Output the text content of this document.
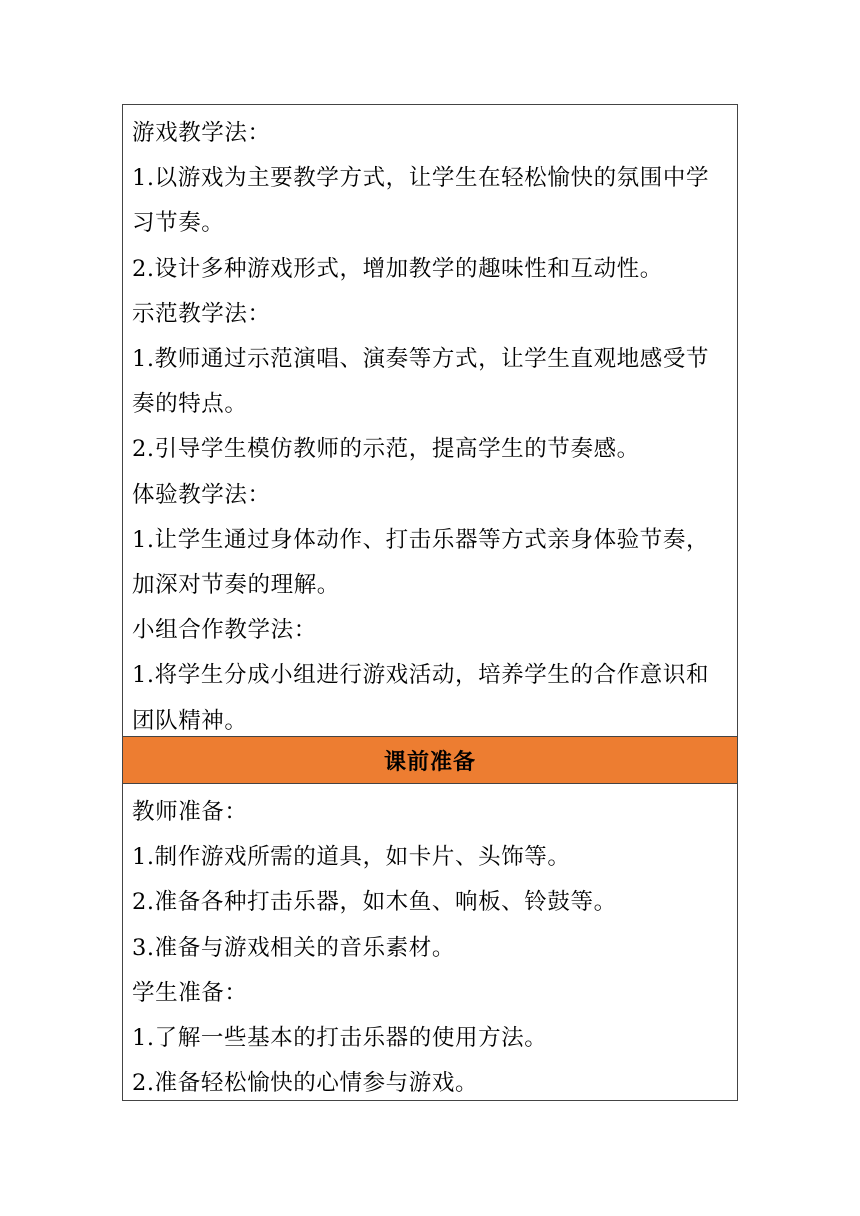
游戏教学法：
1.以游戏为主要教学方式，让学生在轻松愉快的氛围中学习节奏。
2.设计多种游戏形式，增加教学的趣味性和互动性。
示范教学法：
1.教师通过示范演唱、演奏等方式，让学生直观地感受节奏的特点。
2.引导学生模仿教师的示范，提高学生的节奏感。
体验教学法：
1.让学生通过身体动作、打击乐器等方式亲身体验节奏，加深对节奏的理解。
小组合作教学法：
1.将学生分成小组进行游戏活动，培养学生的合作意识和团队精神。
课前准备
教师准备：
1.制作游戏所需的道具，如卡片、头饰等。
2.准备各种打击乐器，如木鱼、响板、铃鼓等。
3.准备与游戏相关的音乐素材。
学生准备：
1.了解一些基本的打击乐器的使用方法。
2.准备轻松愉快的心情参与游戏。
